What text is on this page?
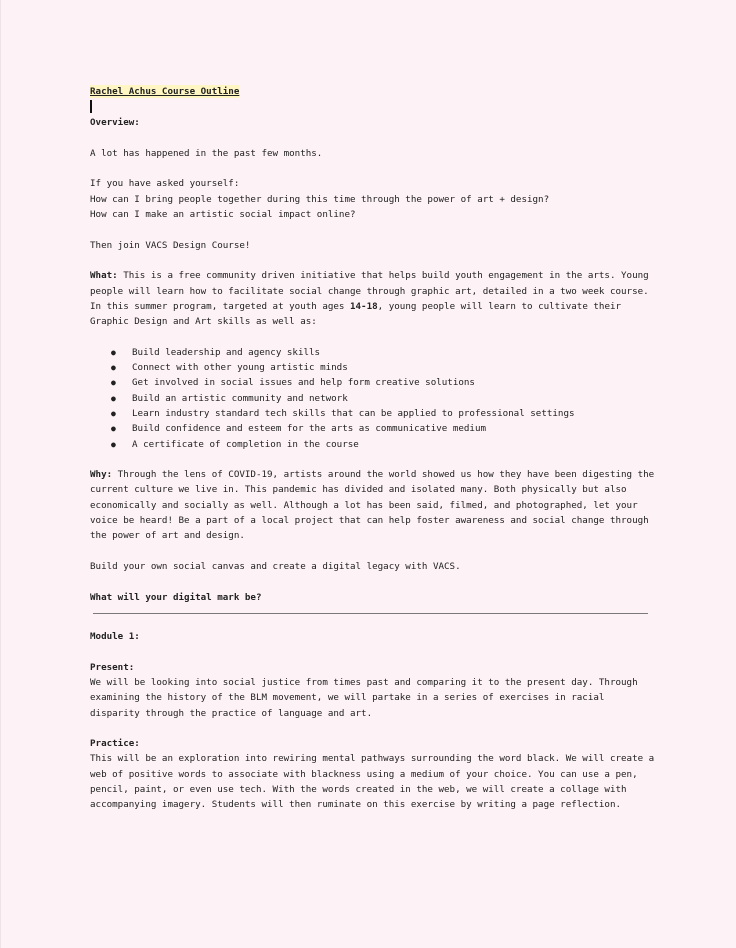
Rachel Achus Course Outline

Overview:

A lot has happened in the past few months.

If you have asked yourself:

How can I bring people together during this time through the power of art + design?

How can I make an artistic social impact online?

Then join VACS Design Course!

What: This is a free community driven initiative that helps build youth engagement in the arts. Young people will learn how to facilitate social change through graphic art, detailed in a two week course. In this summer program, targeted at youth ages 14-18, young people will learn to cultivate their Graphic Design and Art skills as well as:

● Build leadership and agency skills
● Connect with other young artistic minds
● Get involved in social issues and help form creative solutions
● Build an artistic community and network
● Learn industry standard tech skills that can be applied to professional settings
● Build confidence and esteem for the arts as communicative medium
● A certificate of completion in the course

Why: Through the lens of COVID-19, artists around the world showed us how they have been digesting the current culture we live in. This pandemic has divided and isolated many. Both physically but also economically and socially as well. Although a lot has been said, filmed, and photographed, let your voice be heard! Be a part of a local project that can help foster awareness and social change through the power of art and design.

Build your own social canvas and create a digital legacy with VACS.

What will your digital mark be?

Module 1:

Present:

We will be looking into social justice from times past and comparing it to the present day. Through examining the history of the BLM movement, we will partake in a series of exercises in racial disparity through the practice of language and art.

Practice:

This will be an exploration into rewiring mental pathways surrounding the word black. We will create a web of positive words to associate with blackness using a medium of your choice. You can use a pen, pencil, paint, or even use tech. With the words created in the web, we will create a collage with accompanying imagery. Students will then ruminate on this exercise by writing a page reflection.
